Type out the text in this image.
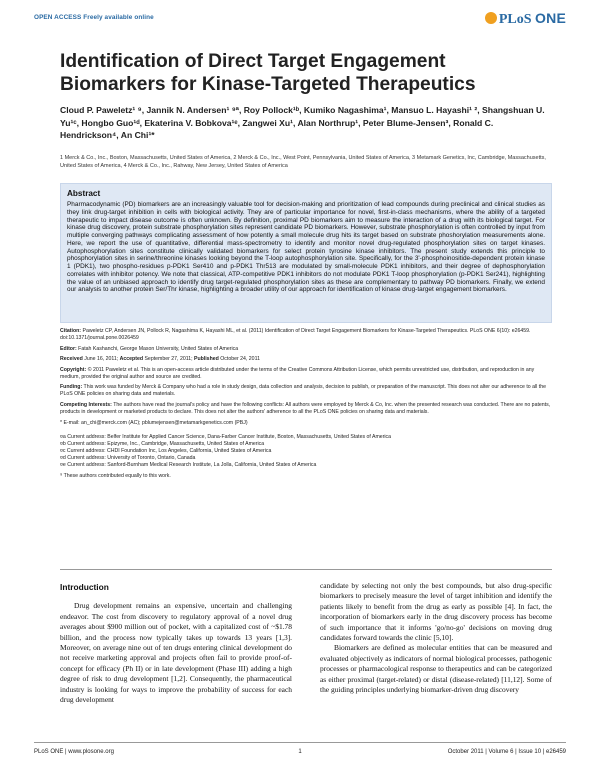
OPEN ACCESS Freely available online	PLoS ONE
Identification of Direct Target Engagement Biomarkers for Kinase-Targeted Therapeutics
Cloud P. Paweletz¹ ⁹, Jannik N. Andersen¹ ⁹ª, Roy Pollock¹ᵇ, Kumiko Nagashima¹, Mansuo L. Hayashi¹ ², Shangshuan U. Yu¹ᶜ, Hongbo Guo¹ᵈ, Ekaterina V. Bobkova¹ᵉ, Zangwei Xu¹, Alan Northrup¹, Peter Blume-Jensen³, Ronald C. Hendrickson⁴, An Chi¹*
1 Merck & Co., Inc., Boston, Massachusetts, United States of America, 2 Merck & Co., Inc., West Point, Pennsylvania, United States of America, 3 Metamark Genetics, Inc, Cambridge, Massachusetts, United States of America, 4 Merck & Co., Inc., Rahway, New Jersey, United States of America
Abstract
Pharmacodynamic (PD) biomarkers are an increasingly valuable tool for decision-making and prioritization of lead compounds during preclinical and clinical studies as they link drug-target inhibition in cells with biological activity. They are of particular importance for novel, first-in-class mechanisms, where the ability of a targeted therapeutic to impact disease outcome is often unknown. By definition, proximal PD biomarkers aim to measure the interaction of a drug with its biological target. For kinase drug discovery, protein substrate phosphorylation sites represent candidate PD biomarkers. However, substrate phosphorylation is often controlled by input from multiple converging pathways complicating assessment of how potently a small molecule drug hits its target based on substrate phoshorylation measurements alone. Here, we report the use of quantitative, differential mass-spectrometry to identify and monitor novel drug-regulated phosphorylation sites on target kinases. Autophosphorylation sites constitute clinically validated biomarkers for select protein tyrosine kinase inhibitors. The present study extends this principle to phosphorylation sites in serine/threonine kinases looking beyond the T-loop autophosphorylation site. Specifically, for the 3'-phosphoinositide-dependent protein kinase 1 (PDK1), two phospho-residues p-PDK1 Ser410 and p-PDK1 Thr513 are modulated by small-molecule PDK1 inhibitors, and their degree of dephosphorylation correlates with inhibitor potency. We note that classical, ATP-competitive PDK1 inhibitors do not modulate PDK1 T-loop phosphorylation (p-PDK1 Ser241), highlighting the value of an unbiased approach to identify drug target-regulated phosphorylation sites as these are complementary to pathway PD biomarkers. Finally, we extend our analysis to another protein Ser/Thr kinase, highlighting a broader utility of our approach for identification of kinase drug-target engagement biomarkers.

Citation: Paweletz CP, Andersen JN, Pollock R, Nagashima K, Hayashi ML, et al. (2011) Identification of Direct Target Engagement Biomarkers for Kinase-Targeted Therapeutics. PLoS ONE 6(10): e26459. doi:10.1371/journal.pone.0026459

Editor: Fatah Kashanchi, George Mason University, United States of America

Received June 16, 2011; Accepted September 27, 2011; Published October 24, 2011

Copyright: © 2011 Paweletz et al. This is an open-access article distributed under the terms of the Creative Commons Attribution License, which permits unrestricted use, distribution, and reproduction in any medium, provided the original author and source are credited.

Funding: This work was funded by Merck & Company who had a role in study design, data collection and analysis, decision to publish, or preparation of the manuscript. This does not alter our adherence to all the PLoS ONE policies on sharing data and materials.

Competing Interests: The authors have read the journal's policy and have the following conflicts: All authors were employed by Merck & Co, Inc. when the presented research was conducted. There are no patents, products in development or marketed products to declare. This does not alter the authors' adherence to all the PLoS ONE policies on sharing data and materials.

* E-mail: an_chi@merck.com (AC); pblumejensen@metamarkgenetics.com (PBJ)

¤a Current address: Belfer Institute for Applied Cancer Science, Dana-Farber Cancer Institute, Boston, Massachusetts, United States of America
¤b Current address: Epizyme, Inc., Cambridge, Massachusetts, United States of America
¤c Current address: CHDI Foundation Inc, Los Angeles, California, United States of America
¤d Current address: University of Toronto, Ontario, Canada
¤e Current address: Sanford-Burnham Medical Research Institute, La Jolla, California, United States of America
⁹ These authors contributed equally to this work.
Introduction

Drug development remains an expensive, uncertain and challenging endeavor. The cost from discovery to regulatory approval of a novel drug averages about $900 million out of pocket, with a capitalized cost of ~$1.78 billion, and the process now typically takes up towards 13 years [1,3]. Moreover, on average nine out of ten drugs entering clinical development do not receive marketing approval and projects often fail to provide proof-of-concept for efficacy (Ph II) or in late development (Phase III) adding a high degree of risk to drug development [1,2]. Consequently, the pharmaceutical industry is looking for ways to improve the probability of success for each drug development

candidate by selecting not only the best compounds, but also drug-specific biomarkers to precisely measure the level of target inhibition and identify the patients likely to benefit from the drug as early as possible [4]. In fact, the incorporation of biomarkers early in the drug discovery process has become of such importance that it informs 'go/no-go' decisions on moving drug candidates forward towards the clinic [5,10].

Biomarkers are defined as molecular entities that can be measured and evaluated objectively as indicators of normal biological processes, pathogenic processes or pharmacological response to therapeutics and can be categorized as either proximal (target-related) or distal (disease-related) [11,12]. Some of the guiding principles underlying biomarker-driven drug discovery

PLoS ONE | www.plosone.org	1	October 2011 | Volume 6 | Issue 10 | e26459
